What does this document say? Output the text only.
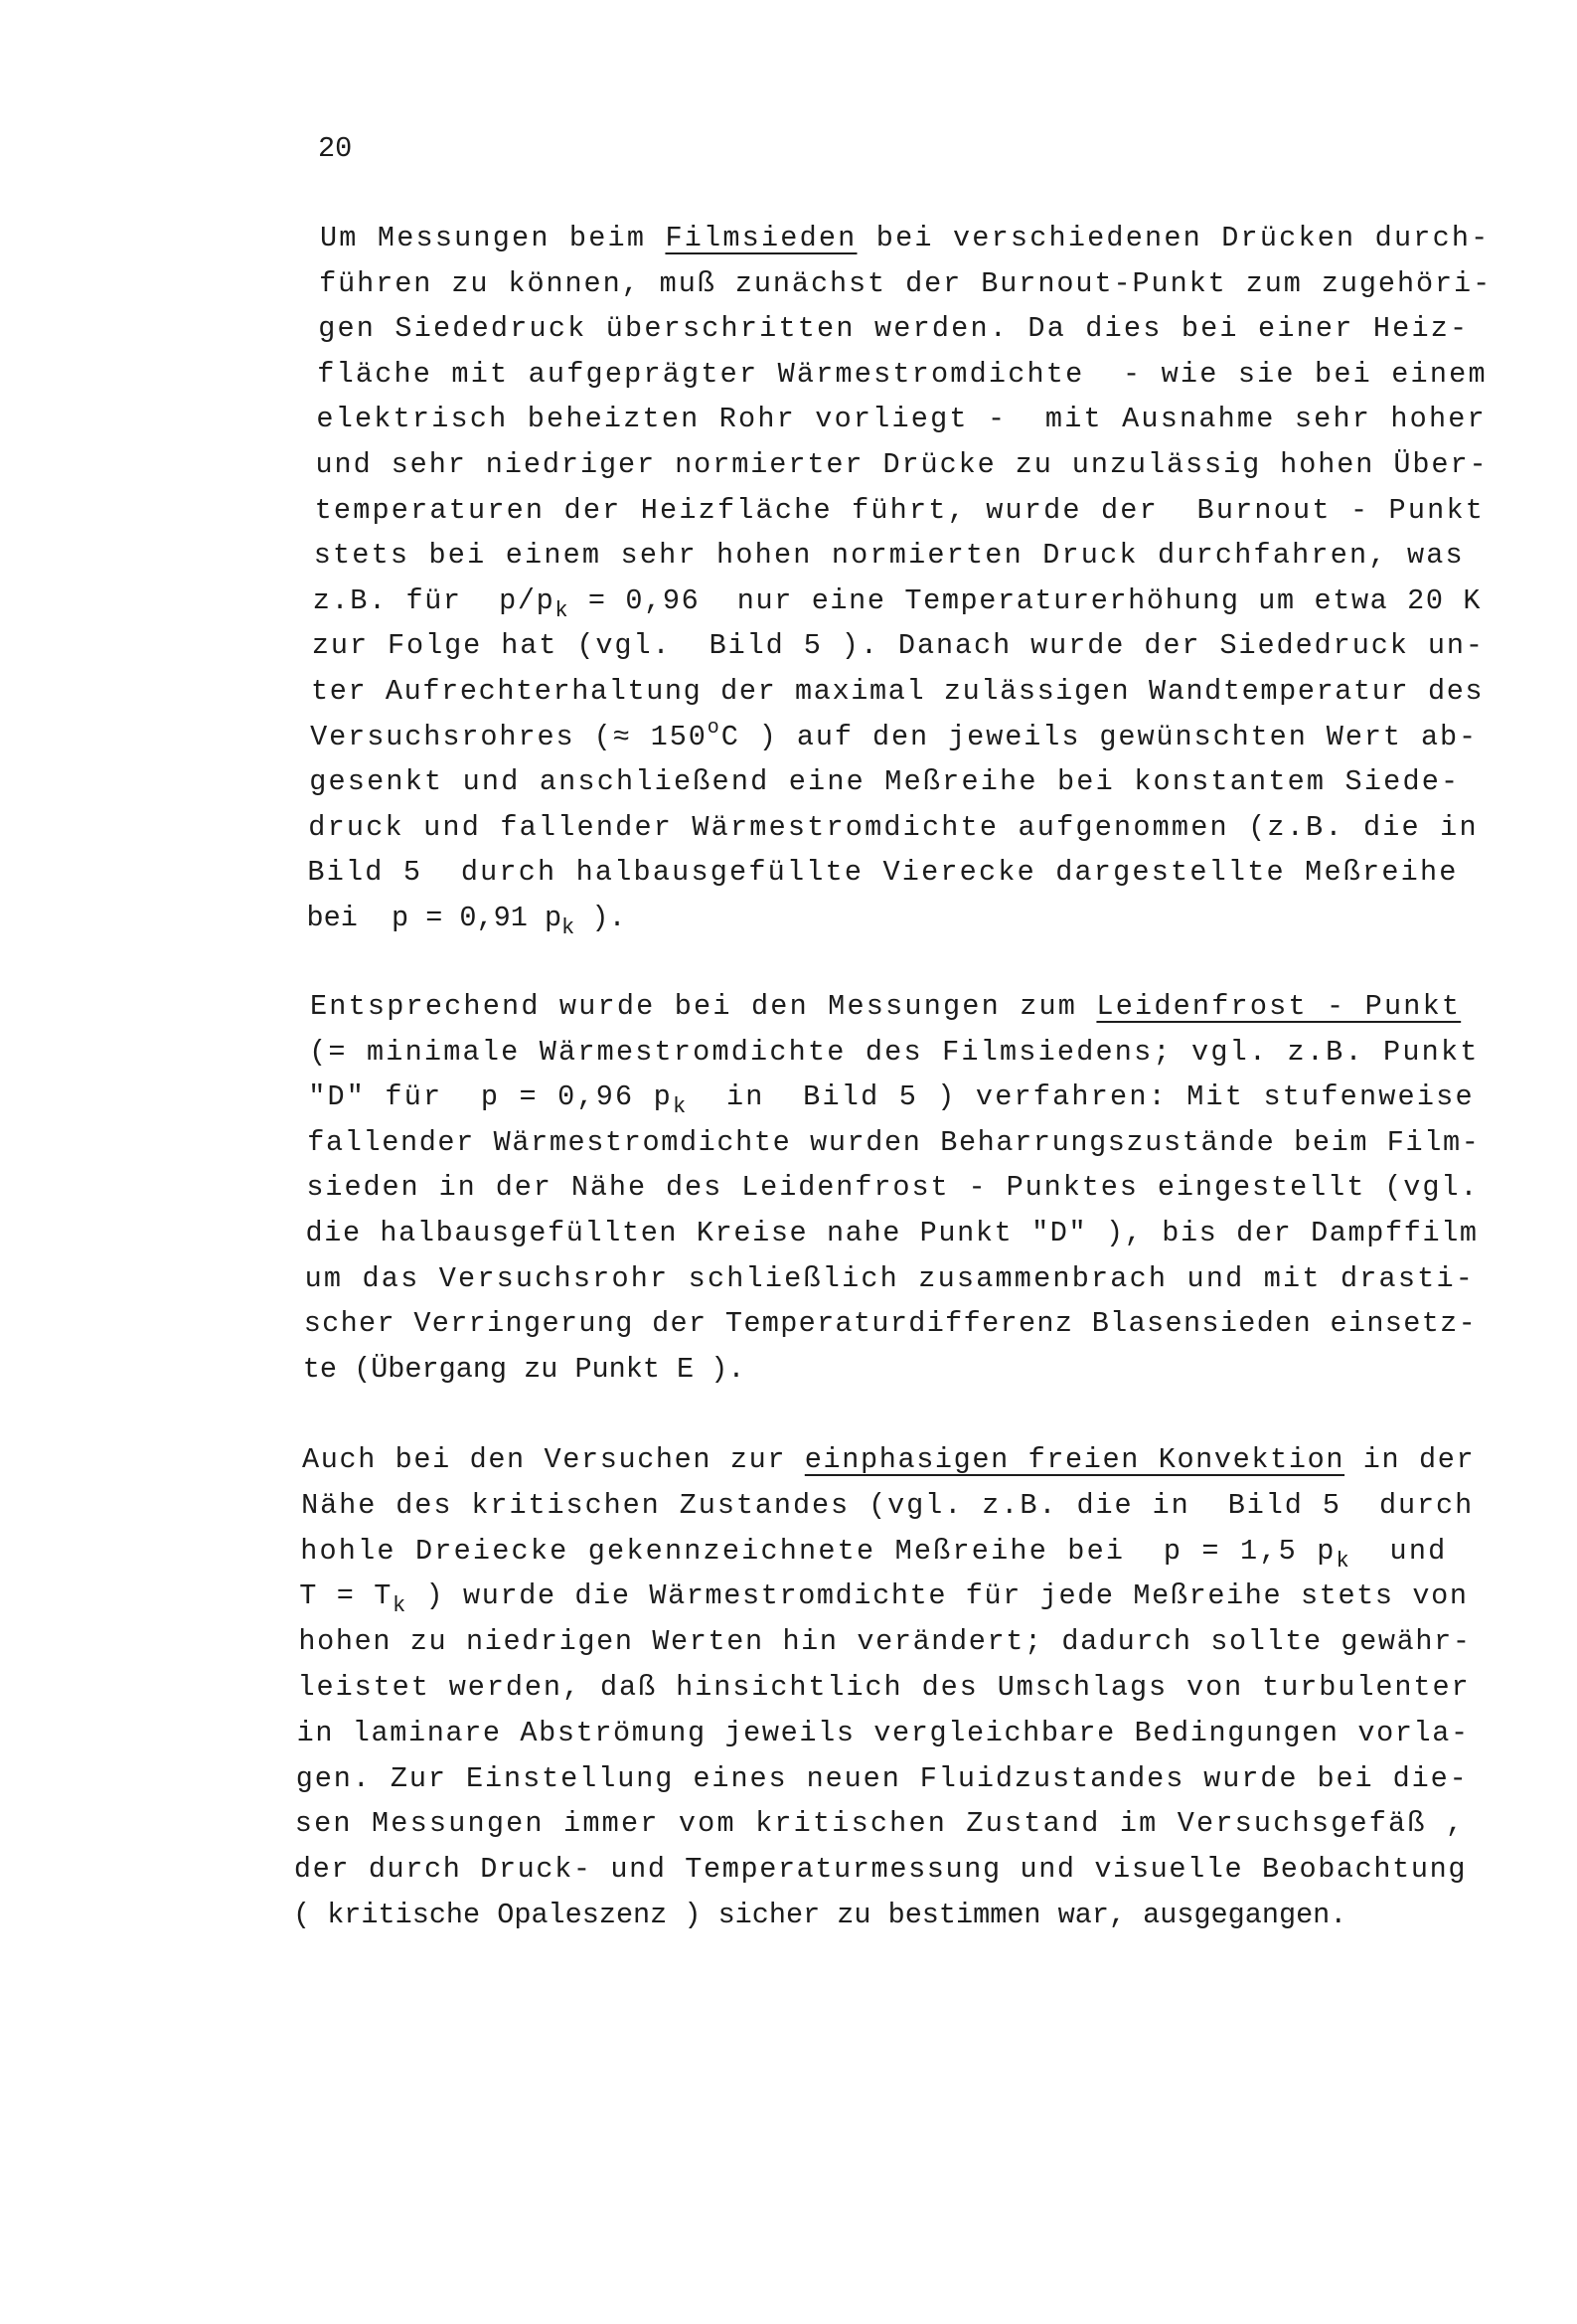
20
Um Messungen beim Filmsieden bei verschiedenen Drücken durch-
führen zu können, muß zunächst der Burnout-Punkt zum zugehöri-
gen Siededruck überschritten werden. Da dies bei einer Heiz-
fläche mit aufgeprägter Wärmestromdichte  - wie sie bei einem
elektrisch beheizten Rohr vorliegt -  mit Ausnahme sehr hoher
und sehr niedriger normierter Drücke zu unzulässig hohen Über-
temperaturen der Heizfläche führt, wurde der  Burnout - Punkt
stets bei einem sehr hohen normierten Druck durchfahren, was
z.B. für  $p/p_k = 0,96$  nur eine Temperaturerhöhung um etwa 20 K
zur Folge hat (vgl.  Bild 5 ). Danach wurde der Siededruck un-
ter Aufrechterhaltung der maximal zulässigen Wandtemperatur des
Versuchsrohres (≈ $150^oC$ ) auf den jeweils gewünschten Wert ab-
gesenkt und anschließend eine Meßreihe bei konstantem Siede-
druck und fallender Wärmestromdichte aufgenommen (z.B. die in
Bild 5  durch halbausgefüllte Vierecke dargestellte Meßreihe
bei  p = 0,91 $p_k$ ).
Entsprechend wurde bei den Messungen zum Leidenfrost - Punkt
(= minimale Wärmestromdichte des Filmsiedens; vgl. z.B. Punkt
"D" für  p = 0,96 $p_k$  in  Bild 5 ) verfahren: Mit stufenweise
fallender Wärmestromdichte wurden Beharrungszustände beim Film-
sieden in der Nähe des Leidenfrost - Punktes eingestellt (vgl.
die halbausgefüllten Kreise nahe Punkt "D" ), bis der Dampffilm
um das Versuchsrohr schließlich zusammenbrach und mit drasti-
scher Verringerung der Temperaturdifferenz Blasensieden einsetz-
te (Übergang zu Punkt E ).
Auch bei den Versuchen zur einphasigen freien Konvektion in der
Nähe des kritischen Zustandes (vgl. z.B. die in  Bild 5  durch
hohle Dreiecke gekennzeichnete Meßreihe bei  p = 1,5 $p_k$  und
$T = T_k$ ) wurde die Wärmestromdichte für jede Meßreihe stets von
hohen zu niedrigen Werten hin verändert; dadurch sollte gewähr-
leistet werden, daß hinsichtlich des Umschlags von turbulenter
in laminare Abströmung jeweils vergleichbare Bedingungen vorla-
gen. Zur Einstellung eines neuen Fluidzustandes wurde bei die-
sen Messungen immer vom kritischen Zustand im Versuchsgefäß ,
der durch Druck- und Temperaturmessung und visuelle Beobachtung
( kritische Opaleszenz ) sicher zu bestimmen war, ausgegangen.
